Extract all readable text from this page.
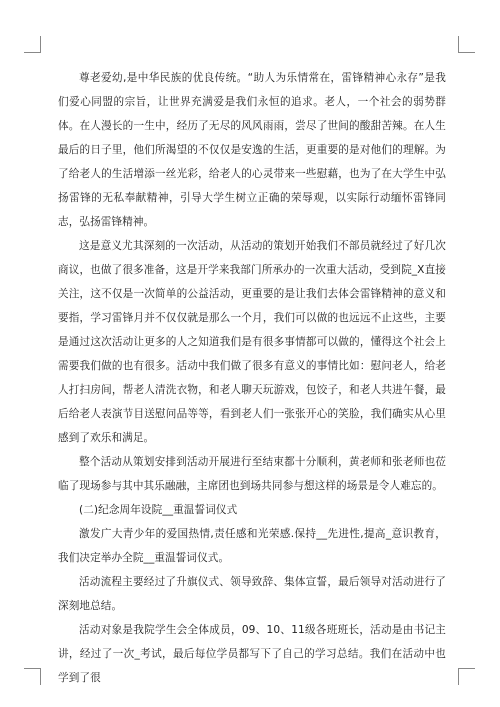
尊老爱幼,是中华民族的优良传统。“助人为乐情常在，雷锋精神心永存”是我们爱心同盟的宗旨，让世界充满爱是我们永恒的追求。老人，一个社会的弱势群体。在人漫长的一生中，经历了无尽的风风雨雨，尝尽了世间的酸甜苦辣。在人生最后的日子里，他们所渴望的不仅仅是安逸的生活，更重要的是对他们的理解。为了给老人的生活增添一丝光彩，给老人的心灵带来一些慰藉，也为了在大学生中弘扬雷锋的无私奉献精神，引导大学生树立正确的荣辱观，以实际行动缅怀雷锋同志，弘扬雷锋精神。

这是意义尤其深刻的一次活动，从活动的策划开始我们不部员就经过了好几次商议，也做了很多准备，这是开学来我部门所承办的一次重大活动，受到院_X直接关注，这不仅是一次简单的公益活动，更重要的是让我们去体会雷锋精神的意义和要指，学习雷锋月并不仅仅就是那么一个月，我们可以做的也远远不止这些，主要是通过这次活动让更多的人之知道我们是有很多事情都可以做的，懂得这个社会上需要我们做的也有很多。活动中我们做了很多有意义的事情比如：慰问老人，给老人打扫房间，帮老人清洗衣物，和老人聊天玩游戏，包饺子，和老人共进午餐，最后给老人表演节目送慰问品等等，看到老人们一张张开心的笑脸，我们确实从心里感到了欢乐和满足。

整个活动从策划安排到活动开展进行至结束都十分顺利，黄老师和张老师也莅临了现场参与其中其乐融融，主席团也到场共同参与想这样的场景是令人难忘的。

(二)纪念周年设院__重温誓词仪式

激发广大青少年的爱国热情,责任感和光荣感.保持__先进性,提高_意识教育，我们决定举办全院__重温誓词仪式。

活动流程主要经过了升旗仪式、领导致辞、集体宣誓，最后领导对活动进行了深刻地总结。

活动对象是我院学生会全体成员，09、10、11级各班班长，活动是由书记主讲，经过了一次_考试，最后每位学员都写下了自己的学习总结。我们在活动中也学到了很
